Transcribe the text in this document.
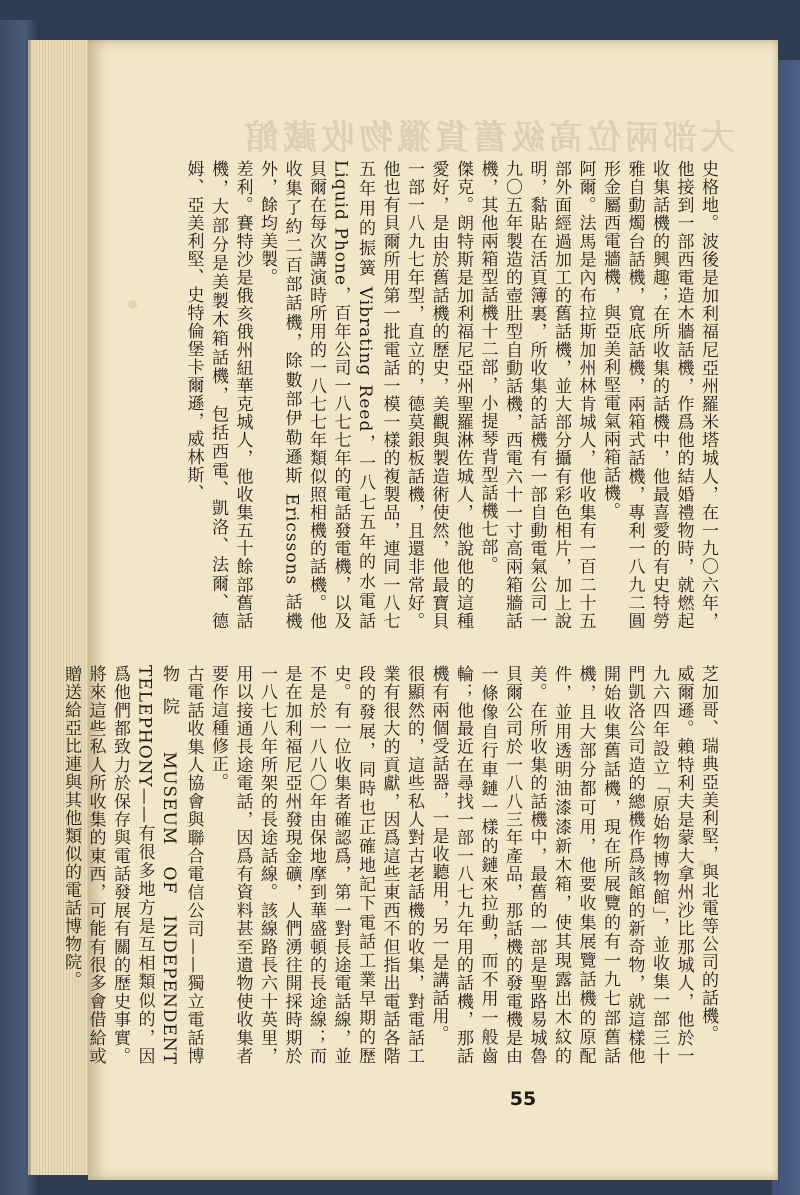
大部兩位高級舊貨獵物收藏館

史格地。波後是加利福尼亞州羅米塔城人，在一九〇六年，他接到一部西電造木牆話機，作爲他的結婚禮物時，就燃起收集話機的興趣；在所收集的話機中，他最喜愛的有史特勞雅自動燭台話機，寬底話機，兩箱式話機，專利一八九二圓形金屬西電牆機，與亞美利堅電氣兩箱話機。

阿爾。法馬是內布拉斯加州林肯城人，他收集有一百二十五部外面經過加工的舊話機，並大部分攝有彩色相片，加上說明，黏貼在活頁簿裏，所收集的話機有一部自動電氣公司一九〇五年製造的壺肚型自動話機，西電六十一寸高兩箱牆話機，其他兩箱型話機十二部，小提琴背型話機七部。

傑克。朗特斯是加利福尼亞州聖羅淋佐城人，他說他的這種愛好，是由於舊話機的歷史，美觀與製造術使然，他最寶貝一部一八九七年型，直立的，德莫銀板話機，且還非常好。他也有貝爾所用第一批電話一模一樣的複製品，連同一八七五年用的振簧 Vibrating Reed，一八七五年的水電話 Liquid Phone，百年公司一八七七年的電話發電機，以及貝爾在每次講演時所用的一八七七年類似照相機的話機。他收集了約二百部話機，除數部伊勒遜斯 Ericssons 話機外，餘均美製。

差利。賽特沙是俄亥俄州紐華克城人，他收集五十餘部舊話機，大部分是美製木箱話機，包括西電、凱洛、法爾、德姆、亞美利堅、史特倫堡卡爾遜，威林斯、

芝加哥、瑞典亞美利堅，與北電等公司的話機。

威爾遜。賴特利夫是蒙大拿州沙比那城人，他於一九六四年設立「原始物博物館」，並收集一部三十門凱洛公司造的總機作爲該館的新奇物，就這樣他開始收集舊話機，現在所展覽的有一九七部舊話機，且大部分都可用，他要收集展覽話機的原配件，並用透明油漆漆新木箱，使其現露出木紋的美。在所收集的話機中，最舊的一部是聖路易城魯貝爾公司於一八八三年產品，那話機的發電機是由一條像自行車鏈一樣的鏈來拉動，而不用一般齒輪；他最近在尋找一部一八七九年用的話機，那話機有兩個受話器，一是收聽用，另一是講話用。

很顯然的，這些私人對古老話機的收集，對電話工業有很大的貢獻，因爲這些東西不但指出電話各階段的發展，同時也正確地記下電話工業早期的歷史。有一位收集者確認爲，第一對長途電話線，並不是於一八八〇年由保地摩到華盛頓的長途線；而是在加利福尼亞州發現金礦，人們湧往開採時期於一八七八年所架的長途話線。該線路長六十英里，用以接通長途電話，因爲有資料甚至遺物使收集者要作這種修正。

古電話收集人協會與聯合電信公司——獨立電話博物院 MUSEUM OF INDEPENDENT TELEPHONY——有很多地方是互相類似的，因爲他們都致力於保存與電話發展有關的歷史事實。將來這些私人所收集的東西，可能有很多會借給或贈送給亞比連與其他類似的電話博物院。

55
